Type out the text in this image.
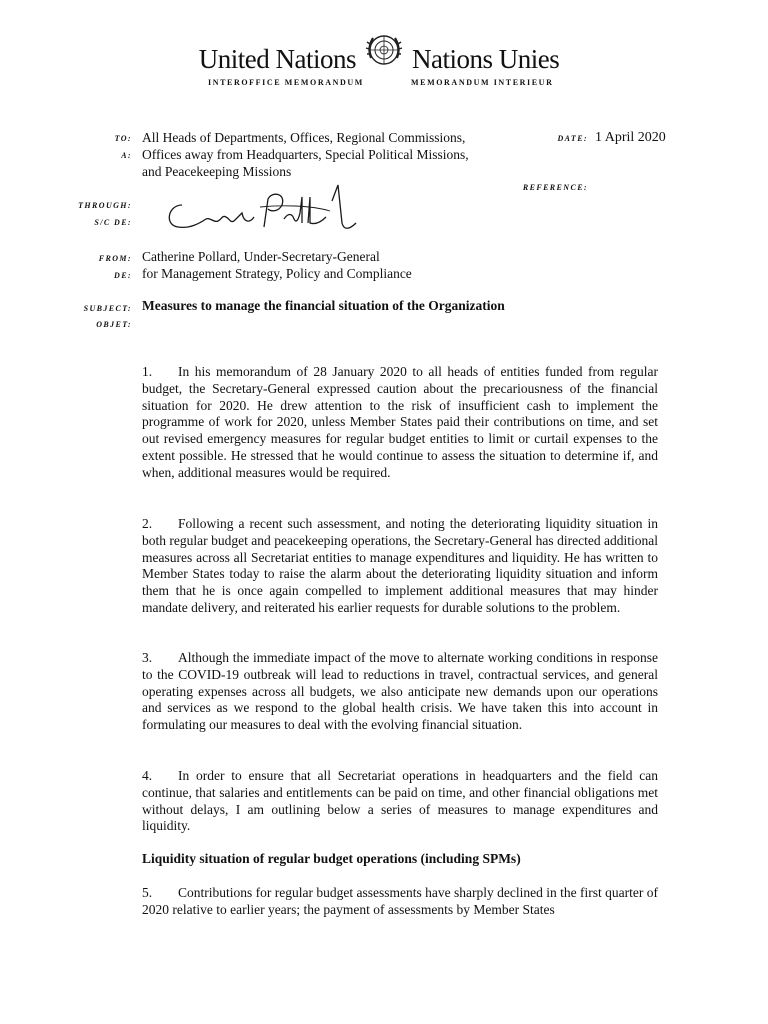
United Nations Nations Unies
INTEROFFICE MEMORANDUM	MEMORANDUM INTERIEUR
TO:
A:
All Heads of Departments, Offices, Regional Commissions,
Offices away from Headquarters, Special Political Missions,
and Peacekeeping Missions
DATE: 1 April 2020
REFERENCE:
THROUGH:
S/C DE:
FROM:
DE:
Catherine Pollard, Under-Secretary-General
for Management Strategy, Policy and Compliance
SUBJECT:
OBJET:
Measures to manage the financial situation of the Organization
1. In his memorandum of 28 January 2020 to all heads of entities funded from regular budget, the Secretary-General expressed caution about the precariousness of the financial situation for 2020. He drew attention to the risk of insufficient cash to implement the programme of work for 2020, unless Member States paid their contributions on time, and set out revised emergency measures for regular budget entities to limit or curtail expenses to the extent possible. He stressed that he would continue to assess the situation to determine if, and when, additional measures would be required.
2. Following a recent such assessment, and noting the deteriorating liquidity situation in both regular budget and peacekeeping operations, the Secretary-General has directed additional measures across all Secretariat entities to manage expenditures and liquidity. He has written to Member States today to raise the alarm about the deteriorating liquidity situation and inform them that he is once again compelled to implement additional measures that may hinder mandate delivery, and reiterated his earlier requests for durable solutions to the problem.
3. Although the immediate impact of the move to alternate working conditions in response to the COVID-19 outbreak will lead to reductions in travel, contractual services, and general operating expenses across all budgets, we also anticipate new demands upon our operations and services as we respond to the global health crisis. We have taken this into account in formulating our measures to deal with the evolving financial situation.
4. In order to ensure that all Secretariat operations in headquarters and the field can continue, that salaries and entitlements can be paid on time, and other financial obligations met without delays, I am outlining below a series of measures to manage expenditures and liquidity.
Liquidity situation of regular budget operations (including SPMs)
5. Contributions for regular budget assessments have sharply declined in the first quarter of 2020 relative to earlier years; the payment of assessments by Member States
